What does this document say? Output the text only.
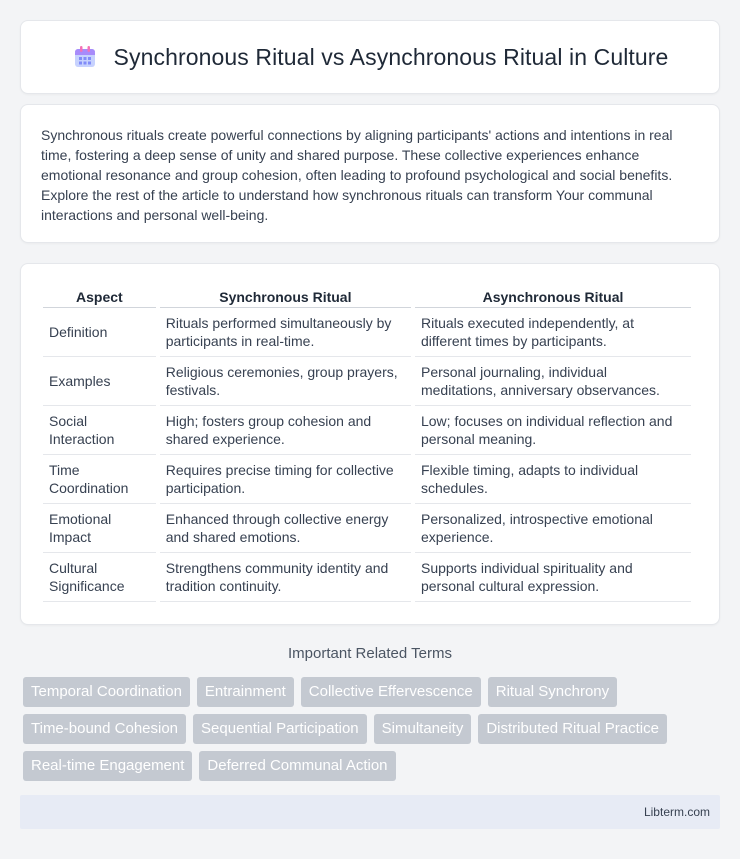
Synchronous Ritual vs Asynchronous Ritual in Culture

Synchronous rituals create powerful connections by aligning participants' actions and intentions in real time, fostering a deep sense of unity and shared purpose. These collective experiences enhance emotional resonance and group cohesion, often leading to profound psychological and social benefits. Explore the rest of the article to understand how synchronous rituals can transform Your communal interactions and personal well-being.

Aspect	Synchronous Ritual	Asynchronous Ritual
Definition	Rituals performed simultaneously by participants in real-time.	Rituals executed independently, at different times by participants.
Examples	Religious ceremonies, group prayers, festivals.	Personal journaling, individual meditations, anniversary observances.
Social Interaction	High; fosters group cohesion and shared experience.	Low; focuses on individual reflection and personal meaning.
Time Coordination	Requires precise timing for collective participation.	Flexible timing, adapts to individual schedules.
Emotional Impact	Enhanced through collective energy and shared emotions.	Personalized, introspective emotional experience.
Cultural Significance	Strengthens community identity and tradition continuity.	Supports individual spirituality and personal cultural expression.
Important Related Terms
Temporal Coordination	Entrainment	Collective Effervescence	Ritual Synchrony
Time-bound Cohesion	Sequential Participation	Simultaneity	Distributed Ritual Practice
Real-time Engagement	Deferred Communal Action
Libterm.com
